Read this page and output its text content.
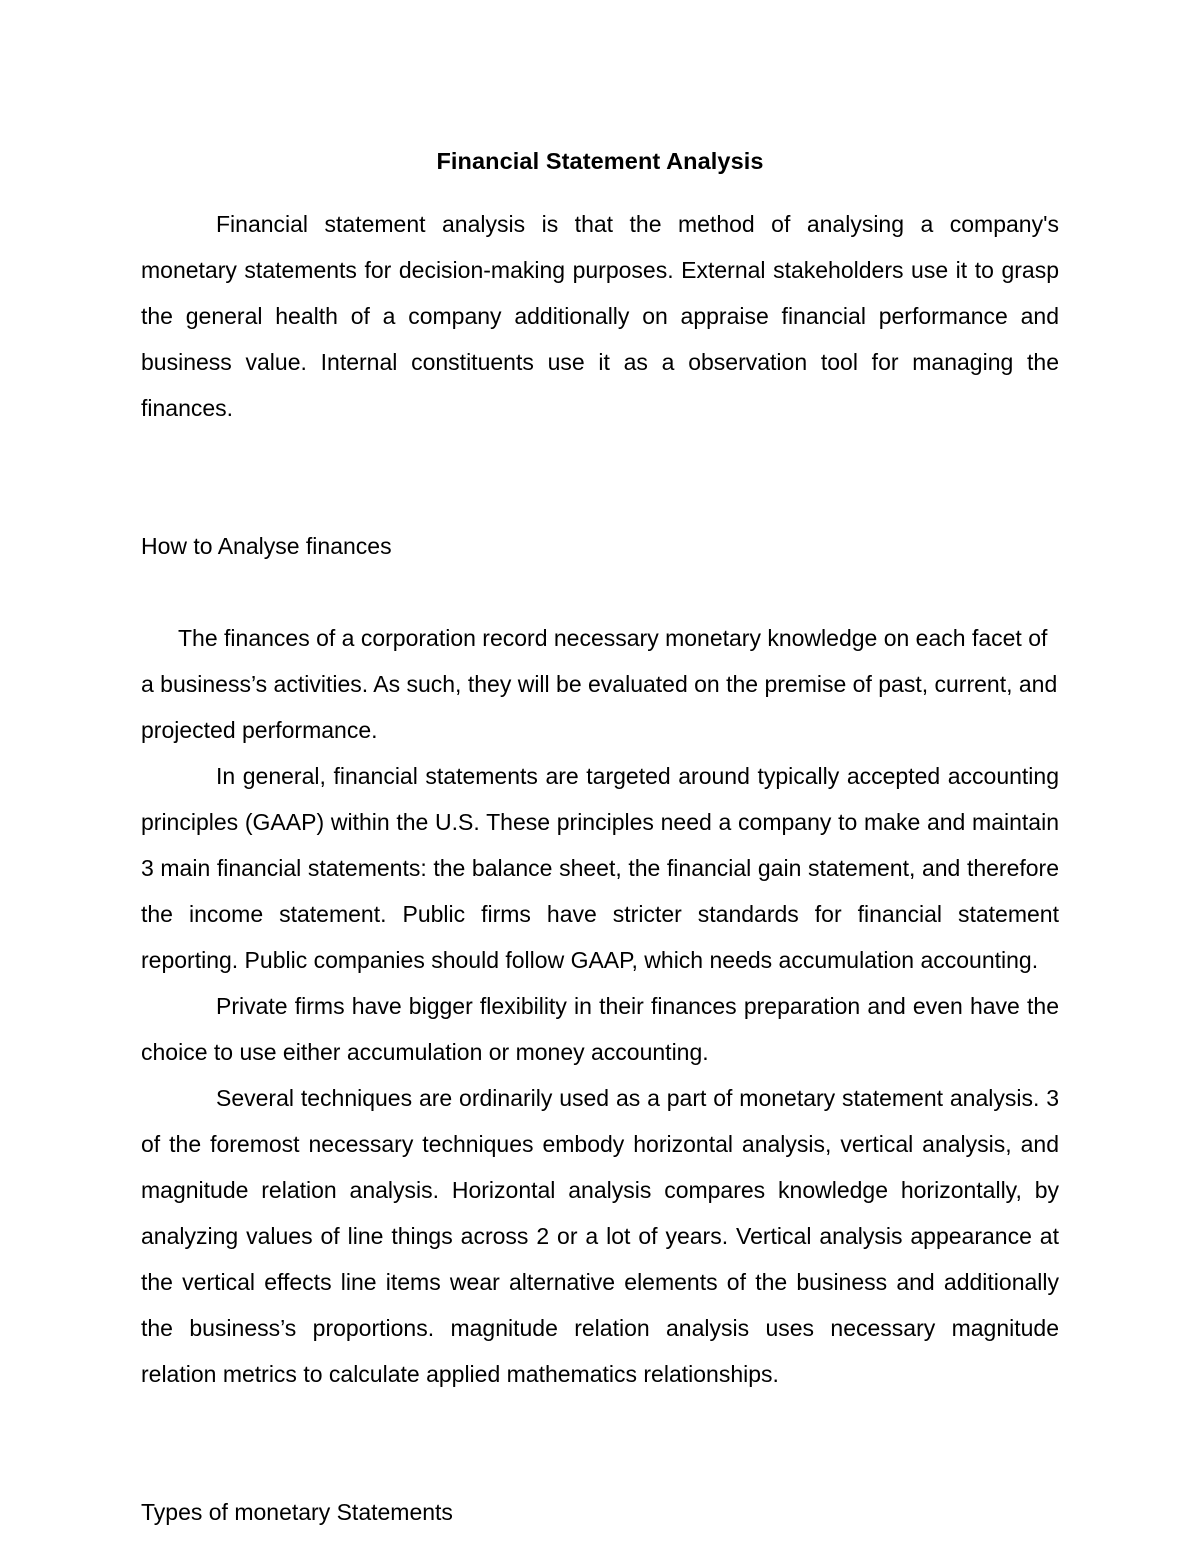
Financial Statement Analysis

Financial statement analysis is that the method of analysing a company's monetary statements for decision-making purposes. External stakeholders use it to grasp the general health of a company additionally on appraise financial performance and business value. Internal constituents use it as a observation tool for managing the finances.

How to Analyse finances

The finances of a corporation record necessary monetary knowledge on each facet of a business’s activities. As such, they will be evaluated on the premise of past, current, and projected performance.

In general, financial statements are targeted around typically accepted accounting principles (GAAP) within the U.S. These principles need a company to make and maintain 3 main financial statements: the balance sheet, the financial gain statement, and therefore the income statement. Public firms have stricter standards for financial statement reporting. Public companies should follow GAAP, which needs accumulation accounting.

Private firms have bigger flexibility in their finances preparation and even have the choice to use either accumulation or money accounting.

Several techniques are ordinarily used as a part of monetary statement analysis. 3 of the foremost necessary techniques embody horizontal analysis, vertical analysis, and magnitude relation analysis. Horizontal analysis compares knowledge horizontally, by analyzing values of line things across 2 or a lot of years. Vertical analysis appearance at the vertical effects line items wear alternative elements of the business and additionally the business’s proportions. magnitude relation analysis uses necessary magnitude relation metrics to calculate applied mathematics relationships.

Types of monetary Statements
